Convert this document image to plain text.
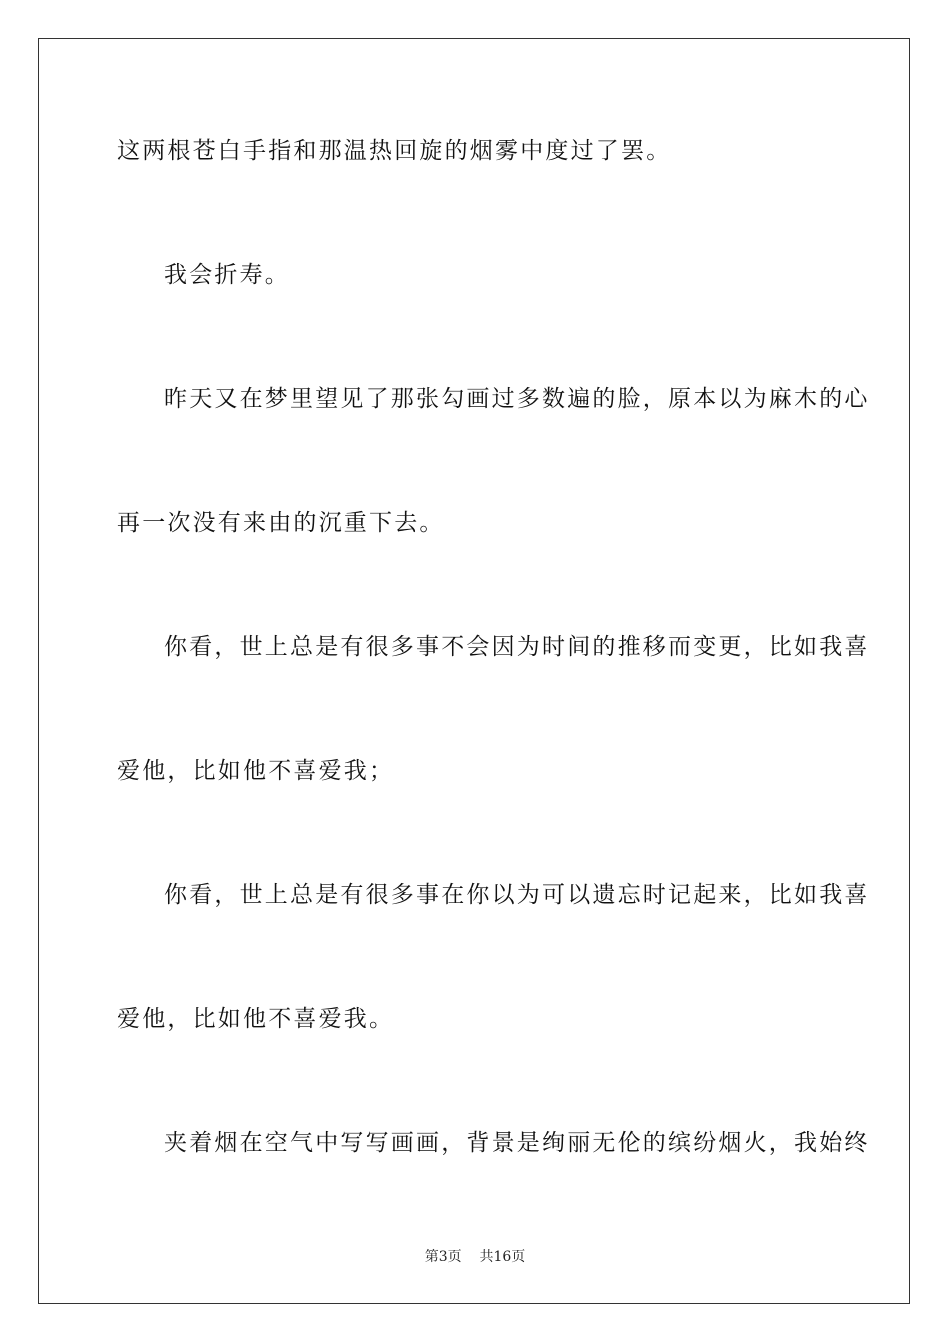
这两根苍白手指和那温热回旋的烟雾中度过了罢。
我会折寿。
昨天又在梦里望见了那张勾画过多数遍的脸，原本以为麻木的心
再一次没有来由的沉重下去。
你看，世上总是有很多事不会因为时间的推移而变更，比如我喜
爱他，比如他不喜爱我；
你看，世上总是有很多事在你以为可以遗忘时记起来，比如我喜
爱他，比如他不喜爱我。
夹着烟在空气中写写画画，背景是绚丽无伦的缤纷烟火，我始终
第3页    共16页
